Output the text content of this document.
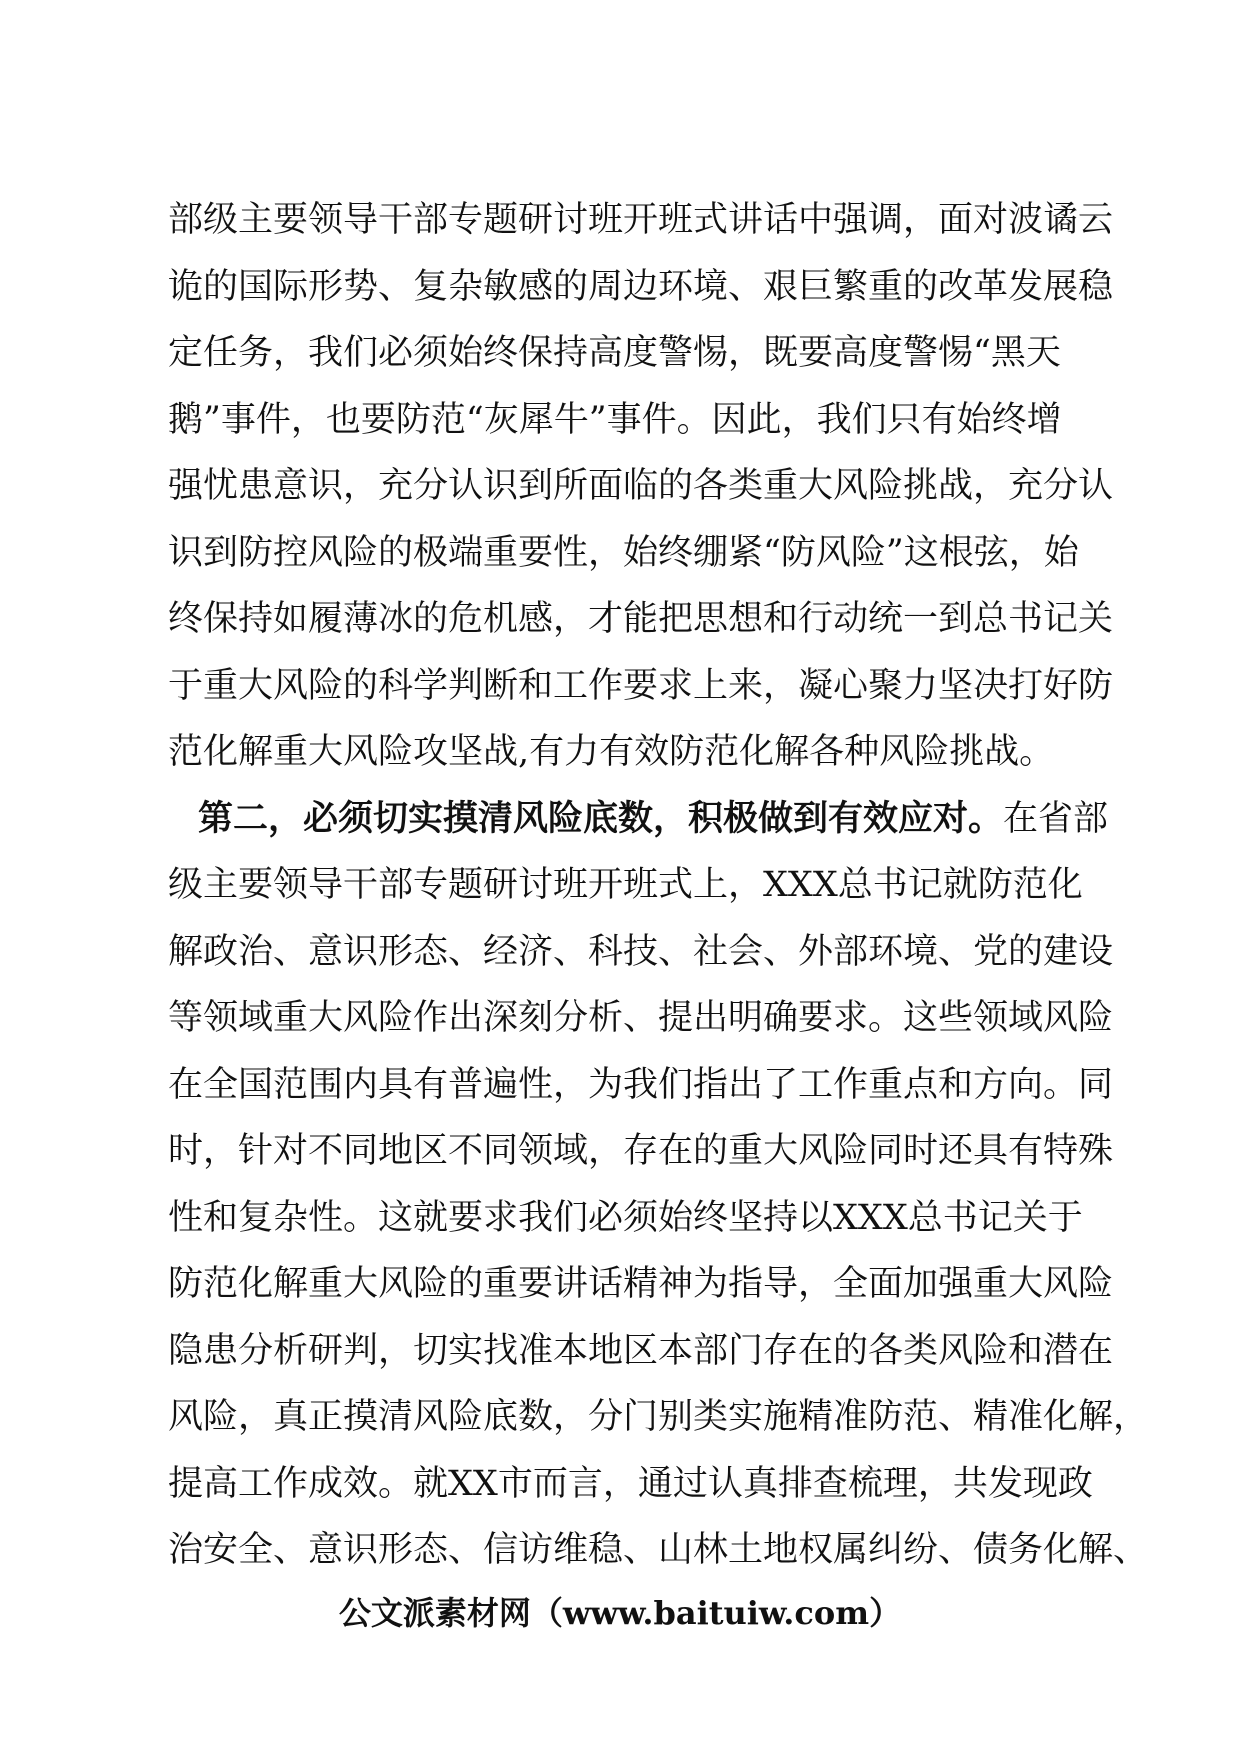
部级主要领导干部专题研讨班开班式讲话中强调，面对波谲云
诡的国际形势、复杂敏感的周边环境、艰巨繁重的改革发展稳
定任务，我们必须始终保持高度警惕，既要高度警惕“黑天
鹅”事件，也要防范“灰犀牛”事件。因此，我们只有始终增
强忧患意识，充分认识到所面临的各类重大风险挑战，充分认
识到防控风险的极端重要性，始终绷紧“防风险”这根弦，始
终保持如履薄冰的危机感，才能把思想和行动统一到总书记关
于重大风险的科学判断和工作要求上来，凝心聚力坚决打好防
范化解重大风险攻坚战,有力有效防范化解各种风险挑战。
第二，必须切实摸清风险底数，积极做到有效应对。在省部
级主要领导干部专题研讨班开班式上，XXX总书记就防范化
解政治、意识形态、经济、科技、社会、外部环境、党的建设
等领域重大风险作出深刻分析、提出明确要求。这些领域风险
在全国范围内具有普遍性，为我们指出了工作重点和方向。同
时，针对不同地区不同领域，存在的重大风险同时还具有特殊
性和复杂性。这就要求我们必须始终坚持以XXX总书记关于
防范化解重大风险的重要讲话精神为指导，全面加强重大风险
隐患分析研判，切实找准本地区本部门存在的各类风险和潜在
风险，真正摸清风险底数，分门别类实施精准防范、精准化解，
提高工作成效。就XX市而言，通过认真排查梳理，共发现政
治安全、意识形态、信访维稳、山林土地权属纠纷、债务化解、
公文派素材网（www.baituiw.com）
